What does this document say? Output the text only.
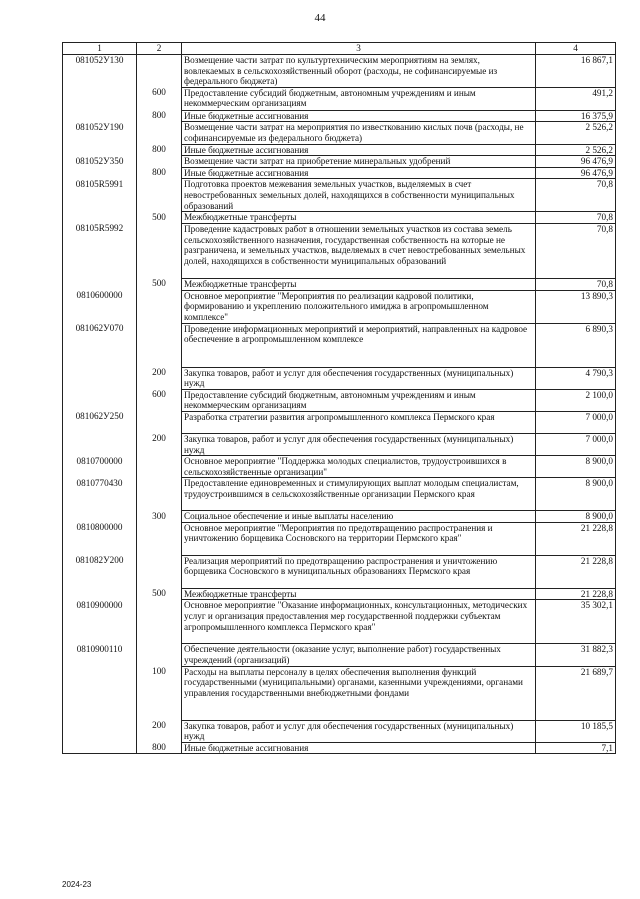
44
1	2	3	4
081052У130		Возмещение части затрат по культуртехническим мероприятиям на землях, вовлекаемых в сельскохозяйственный оборот (расходы, не софинансируемые из федерального бюджета)	16 867,1
	600	Предоставление субсидий бюджетным, автономным учреждениям и иным некоммерческим организациям	491,2
	800	Иные бюджетные ассигнования	16 375,9
081052У190		Возмещение части затрат на мероприятия по известкованию кислых почв (расходы, не софинансируемые из федерального бюджета)	2 526,2
	800	Иные бюджетные ассигнования	2 526,2
081052У350		Возмещение части затрат на приобретение минеральных удобрений	96 476,9
	800	Иные бюджетные ассигнования	96 476,9
08105R5991		Подготовка проектов межевания земельных участков, выделяемых в счет невостребованных земельных долей, находящихся в собственности муниципальных образований	70,8
	500	Межбюджетные трансферты	70,8
08105R5992		Проведение кадастровых работ в отношении земельных участков из состава земель сельскохозяйственного назначения, государственная собственность на которые не разграничена, и земельных участков, выделяемых в счет невостребованных земельных долей, находящихся в собственности муниципальных образований	70,8
	500	Межбюджетные трансферты	70,8
0810600000		Основное мероприятие "Мероприятия по реализации кадровой политики, формированию и укреплению положительного имиджа в агропромышленном комплексе"	13 890,3
081062У070		Проведение информационных мероприятий и мероприятий, направленных на кадровое обеспечение в агропромышленном комплексе	6 890,3
	200	Закупка товаров, работ и услуг для обеспечения государственных (муниципальных) нужд	4 790,3
	600	Предоставление субсидий бюджетным, автономным учреждениям и иным некоммерческим организациям	2 100,0
081062У250		Разработка стратегии развития агропромышленного комплекса Пермского края	7 000,0
	200	Закупка товаров, работ и услуг для обеспечения государственных (муниципальных) нужд	7 000,0
0810700000		Основное мероприятие "Поддержка молодых специалистов, трудоустроившихся в сельскохозяйственные организации"	8 900,0
0810770430		Предоставление единовременных и стимулирующих выплат молодым специалистам, трудоустроившимся в сельскохозяйственные организации Пермского края	8 900,0
	300	Социальное обеспечение и иные выплаты населению	8 900,0
0810800000		Основное мероприятие "Мероприятия по предотвращению распространения и уничтожению борщевика Сосновского на территории Пермского края"	21 228,8
081082У200		Реализация мероприятий по предотвращению распространения и уничтожению борщевика Сосновского в муниципальных образованиях Пермского края	21 228,8
	500	Межбюджетные трансферты	21 228,8
0810900000		Основное мероприятие "Оказание информационных, консультационных, методических услуг и организация предоставления мер государственной поддержки субъектам агропромышленного комплекса Пермского края"	35 302,1
0810900110		Обеспечение деятельности (оказание услуг, выполнение работ) государственных учреждений (организаций)	31 882,3
	100	Расходы на выплаты персоналу в целях обеспечения выполнения функций государственными (муниципальными) органами, казенными учреждениями, органами управления государственными внебюджетными фондами	21 689,7
	200	Закупка товаров, работ и услуг для обеспечения государственных (муниципальных) нужд	10 185,5
	800	Иные бюджетные ассигнования	7,1
2024-23
